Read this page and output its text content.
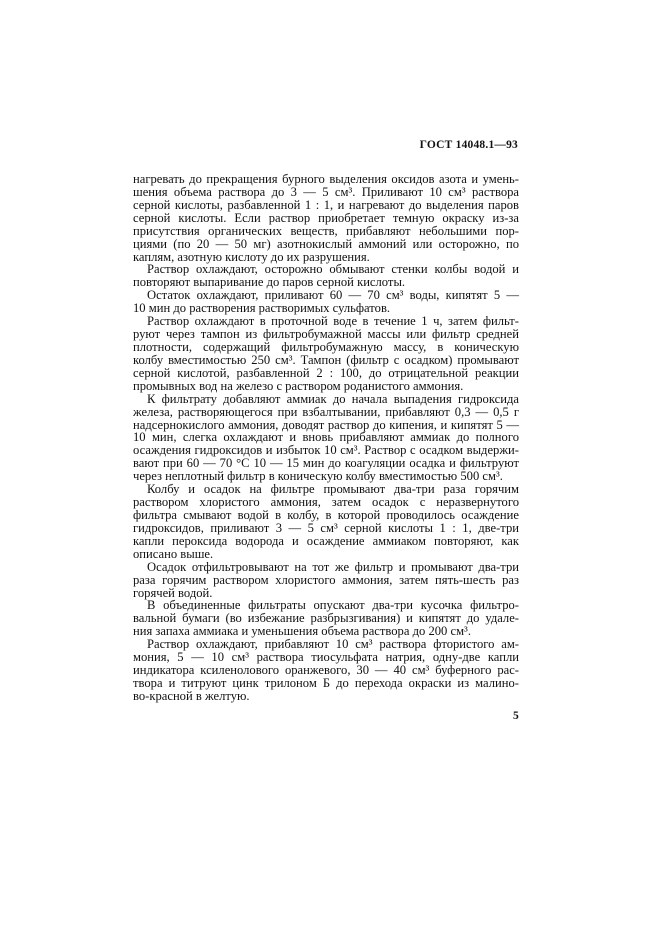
ГОСТ 14048.1—93
нагревать до прекращения бурного выделения оксидов азота и умень-
шения объема раствора до 3 — 5 см³. Приливают 10 см³ раствора
серной кислоты, разбавленной 1 : 1, и нагревают до выделения паров
серной кислоты. Если раствор приобретает темную окраску из-за
присутствия органических веществ, прибавляют небольшими пор-
циями (по 20 — 50 мг) азотнокислый аммоний или осторожно, по
каплям, азотную кислоту до их разрушения.
Раствор охлаждают, осторожно обмывают стенки колбы водой и
повторяют выпаривание до паров серной кислоты.
Остаток охлаждают, приливают 60 — 70 см³ воды, кипятят 5 —
10 мин до растворения растворимых сульфатов.
Раствор охлаждают в проточной воде в течение 1 ч, затем фильт-
руют через тампон из фильтробумажной массы или фильтр средней
плотности, содержащий фильтробумажную массу, в коническую
колбу вместимостью 250 см³. Тампон (фильтр с осадком) промывают
серной кислотой, разбавленной 2 : 100, до отрицательной реакции
промывных вод на железо с раствором роданистого аммония.
К фильтрату добавляют аммиак до начала выпадения гидроксида
железа, растворяющегося при взбалтывании, прибавляют 0,3 — 0,5 г
надсернокислого аммония, доводят раствор до кипения, и кипятят 5 —
10 мин, слегка охлаждают и вновь прибавляют аммиак до полного
осаждения гидроксидов и избыток 10 см³. Раствор с осадком выдержи-
вают при 60 — 70 °С 10 — 15 мин до коагуляции осадка и фильтруют
через неплотный фильтр в коническую колбу вместимостью 500 см³.
Колбу и осадок на фильтре промывают два-три раза горячим
раствором хлористого аммония, затем осадок с неразвернутого
фильтра смывают водой в колбу, в которой проводилось осаждение
гидроксидов, приливают 3 — 5 см³ серной кислоты 1 : 1, две-три
капли пероксида водорода и осаждение аммиаком повторяют, как
описано выше.
Осадок отфильтровывают на тот же фильтр и промывают два-три
раза горячим раствором хлористого аммония, затем пять-шесть раз
горячей водой.
В объединенные фильтраты опускают два-три кусочка фильтро-
вальной бумаги (во избежание разбрызгивания) и кипятят до удале-
ния запаха аммиака и уменьшения объема раствора до 200 см³.
Раствор охлаждают, прибавляют 10 см³ раствора фтористого ам-
мония, 5 — 10 см³ раствора тиосульфата натрия, одну-две капли
индикатора ксиленолового оранжевого, 30 — 40 см³ буферного рас-
твора и титруют цинк трилоном Б до перехода окраски из малино-
во-красной в желтую.
5
